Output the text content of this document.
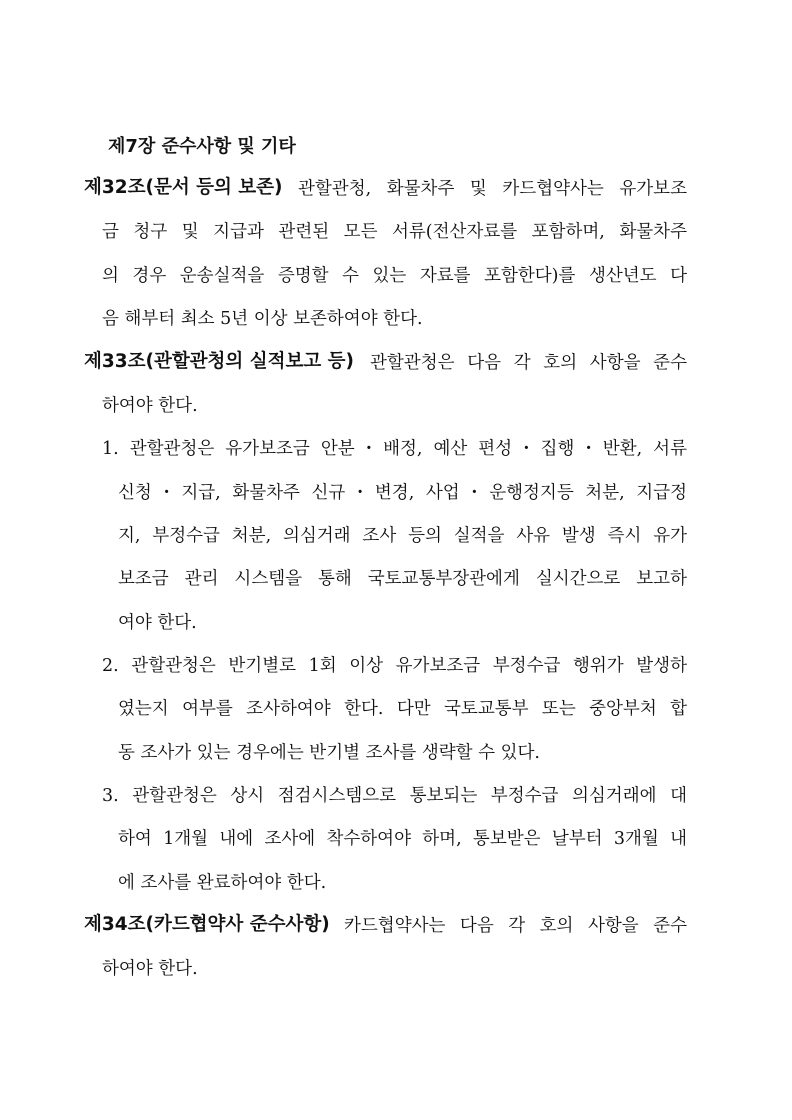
제7장 준수사항 및 기타
제32조(문서 등의 보존) 관할관청, 화물차주 및 카드협약사는 유가보조
금 청구 및 지급과 관련된 모든 서류(전산자료를 포함하며, 화물차주
의 경우 운송실적을 증명할 수 있는 자료를 포함한다)를 생산년도 다
음 해부터 최소 5년 이상 보존하여야 한다.
제33조(관할관청의 실적보고 등) 관할관청은 다음 각 호의 사항을 준수
하여야 한다.
1. 관할관청은 유가보조금 안분・배정, 예산 편성・집행・반환, 서류
신청・지급, 화물차주 신규・변경, 사업・운행정지등 처분, 지급정
지, 부정수급 처분, 의심거래 조사 등의 실적을 사유 발생 즉시 유가
보조금 관리 시스템을 통해 국토교통부장관에게 실시간으로 보고하
여야 한다.
2. 관할관청은 반기별로 1회 이상 유가보조금 부정수급 행위가 발생하
였는지 여부를 조사하여야 한다. 다만 국토교통부 또는 중앙부처 합
동 조사가 있는 경우에는 반기별 조사를 생략할 수 있다.
3. 관할관청은 상시 점검시스템으로 통보되는 부정수급 의심거래에 대
하여 1개월 내에 조사에 착수하여야 하며, 통보받은 날부터 3개월 내
에 조사를 완료하여야 한다.
제34조(카드협약사 준수사항) 카드협약사는 다음 각 호의 사항을 준수
하여야 한다.
